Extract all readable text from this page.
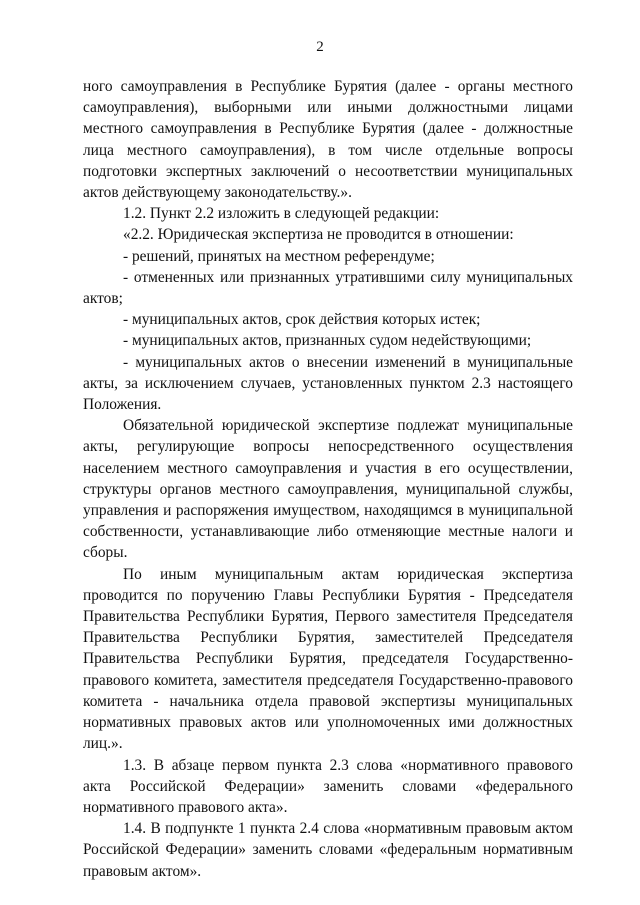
2

ного самоуправления в Республике Бурятия (далее - органы местного самоуправления), выборными или иными должностными лицами местного самоуправления в Республике Бурятия (далее - должностные лица местного самоуправления), в том числе отдельные вопросы подготовки экспертных заключений о несоответствии муниципальных актов действующему законодательству.».

1.2. Пункт 2.2 изложить в следующей редакции:

«2.2. Юридическая экспертиза не проводится в отношении:

- решений, принятых на местном референдуме;

- отмененных или признанных утратившими силу муниципальных актов;

- муниципальных актов, срок действия которых истек;

- муниципальных актов, признанных судом недействующими;

- муниципальных актов о внесении изменений в муниципальные акты, за исключением случаев, установленных пунктом 2.3 настоящего Положения.

Обязательной юридической экспертизе подлежат муниципальные акты, регулирующие вопросы непосредственного осуществления населением местного самоуправления и участия в его осуществлении, структуры органов местного самоуправления, муниципальной службы, управления и распоряжения имуществом, находящимся в муниципальной собственности, устанавливающие либо отменяющие местные налоги и сборы.

По иным муниципальным актам юридическая экспертиза проводится по поручению Главы Республики Бурятия - Председателя Правительства Республики Бурятия, Первого заместителя Председателя Правительства Республики Бурятия, заместителей Председателя Правительства Республики Бурятия, председателя Государственно-правового комитета, заместителя председателя Государственно-правового комитета - начальника отдела правовой экспертизы муниципальных нормативных правовых актов или уполномоченных ими должностных лиц.».

1.3. В абзаце первом пункта 2.3 слова «нормативного правового акта Российской Федерации» заменить словами «федерального нормативного правового акта».

1.4. В подпункте 1 пункта 2.4 слова «нормативным правовым актом Российской Федерации» заменить словами «федеральным нормативным правовым актом».
